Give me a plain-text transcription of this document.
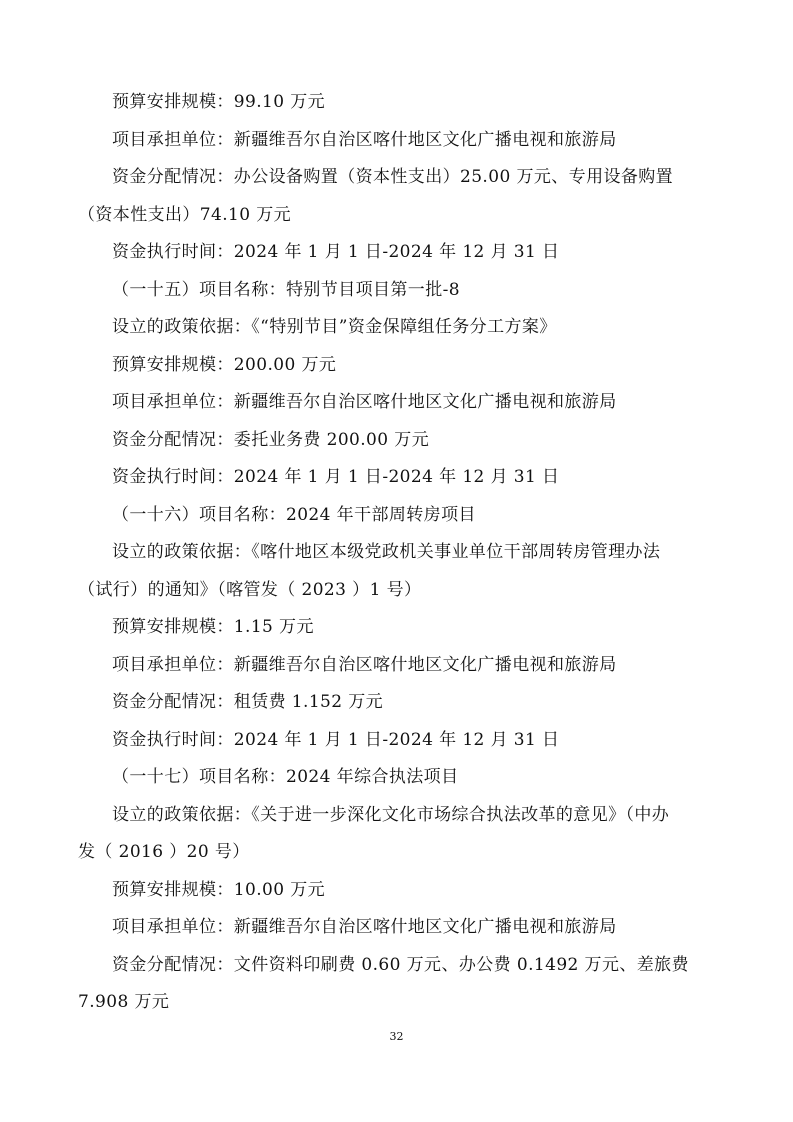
预算安排规模：99.10 万元
项目承担单位：新疆维吾尔自治区喀什地区文化广播电视和旅游局
资金分配情况：办公设备购置（资本性支出）25.00 万元、专用设备购置
（资本性支出）74.10 万元
资金执行时间：2024 年 1 月 1 日-2024 年 12 月 31 日
（一十五）项目名称：特别节目项目第一批-8
设立的政策依据：《“特别节目”资金保障组任务分工方案》
预算安排规模：200.00 万元
项目承担单位：新疆维吾尔自治区喀什地区文化广播电视和旅游局
资金分配情况：委托业务费 200.00 万元
资金执行时间：2024 年 1 月 1 日-2024 年 12 月 31 日
（一十六）项目名称：2024 年干部周转房项目
设立的政策依据：《喀什地区本级党政机关事业单位干部周转房管理办法
（试行）的通知》（喀管发（ 2023 ）1 号）
预算安排规模：1.15 万元
项目承担单位：新疆维吾尔自治区喀什地区文化广播电视和旅游局
资金分配情况：租赁费 1.152 万元
资金执行时间：2024 年 1 月 1 日-2024 年 12 月 31 日
（一十七）项目名称：2024 年综合执法项目
设立的政策依据：《关于进一步深化文化市场综合执法改革的意见》（中办
发（ 2016 ）20 号）
预算安排规模：10.00 万元
项目承担单位：新疆维吾尔自治区喀什地区文化广播电视和旅游局
资金分配情况：文件资料印刷费 0.60 万元、办公费 0.1492 万元、差旅费
7.908 万元
32
